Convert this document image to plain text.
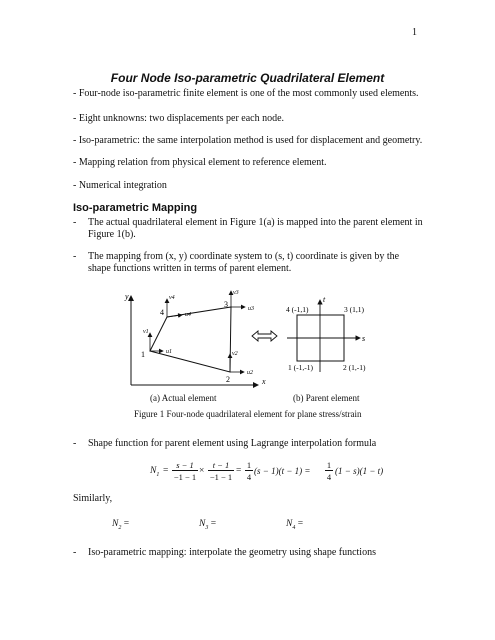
1
Four Node Iso-parametric Quadrilateral Element
- Four-node iso-parametric finite element is one of the most commonly used elements.
- Eight unknowns: two displacements per each node.
- Iso-parametric: the same interpolation method is used for displacement and geometry.
- Mapping relation from physical element to reference element.
- Numerical integration
Iso-parametric Mapping
- The actual quadrilateral element in Figure 1(a) is mapped into the parent element in Figure 1(b).
- The mapping from (x, y) coordinate system to (s, t) coordinate is given by the shape functions written in terms of parent element.
y
x
1
2
3
4
u1
u2
u3
u4
v1
v2
v3
v4	t
s
1 (-1,-1)	2 (1,-1)
3 (1,1)
4 (-1,1)
(a) Actual element	(b) Parent element
Figure 1 Four-node quadrilateral element for plane stress/strain
- Shape function for parent element using Lagrange interpolation formula
$N_1$ =
s − 1
−1 − 1
×
t − 1
−1 − 1
=
1
4
(s − 1)(t − 1) =
1
4
(1 − s)(1 − t)
Similarly,
$N_2$ =	$N_3$ =	$N_4$ =
- Iso-parametric mapping: interpolate the geometry using shape functions
